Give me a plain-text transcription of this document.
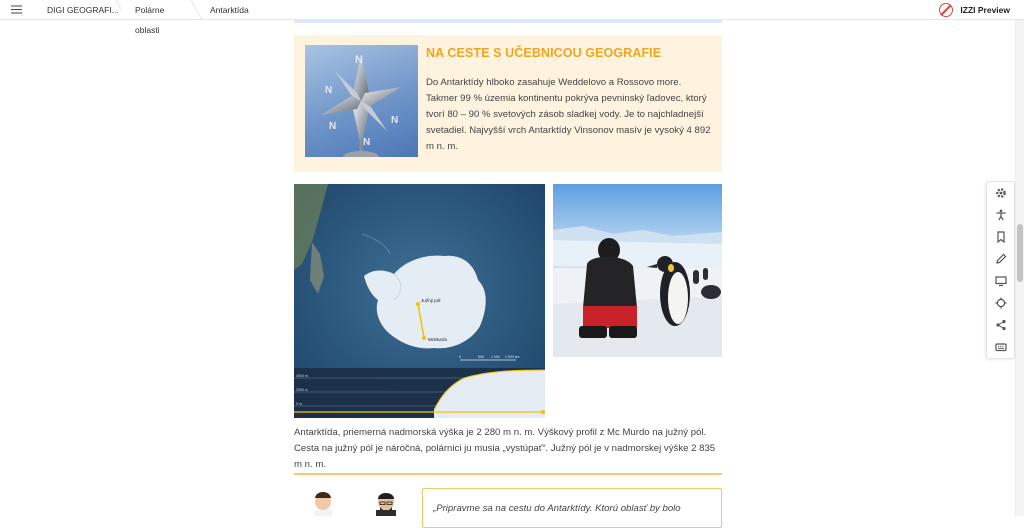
DIGI GEOGRAFI...	Polárne oblasti
Antarktída	IZZI Preview
N
N
N
N
N
NA CESTE S UČEBNICOU GEOGRAFIE
Do Antarktídy hlboko zasahuje Weddelovo a Rossovo more. Takmer 99 % územia kontinentu pokrýva pevninský ľadovec, ktorý tvorí 80 – 90 % svetových zásob sladkej vody. Je to najchladnejší svetadiel. Najvyšší vrch Antarktídy Vinsonov masív je vysoký 4 892 m n. m.
Južný pól
McMurdo
0	500 1 000 1 500 km
4000 m
2000 m
0 m
Antarktída, priemerná nadmorská výška je 2 280 m n. m. Výškový profil z Mc Murdo na južný pól. Cesta na južný pól je náročná, polárnici ju musia „vystúpať“. Južný pól je v nadmorskej výške 2 835 m n. m.
„Pripravme sa na cestu do Antarktídy. Ktorú oblasť by bolo
